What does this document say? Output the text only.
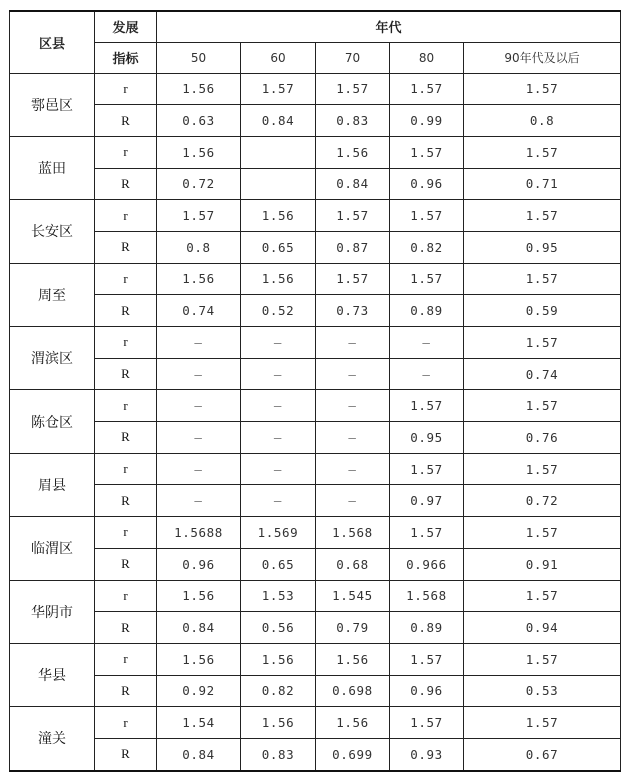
区县	发展	年代				
	指标	50	60	70	80	90年代及以后
鄠邑区	r	1.56	1.57	1.57	1.57	1.57
	R	0.63	0.84	0.83	0.99	0.8
蓝田	r	1.56		1.56	1.57	1.57
	R	0.72		0.84	0.96	0.71
长安区	r	1.57	1.56	1.57	1.57	1.57
	R	0.8	0.65	0.87	0.82	0.95
周至	r	1.56	1.56	1.57	1.57	1.57
	R	0.74	0.52	0.73	0.89	0.59
渭滨区	r	—	—	—	—	1.57
	R	—	—	—	—	0.74
陈仓区	r	—	—	—	1.57	1.57
	R	—	—	—	0.95	0.76
眉县	r	—	—	—	1.57	1.57
	R	—	—	—	0.97	0.72
临渭区	r	1.5688	1.569	1.568	1.57	1.57
	R	0.96	0.65	0.68	0.966	0.91
华阴市	r	1.56	1.53	1.545	1.568	1.57
	R	0.84	0.56	0.79	0.89	0.94
华县	r	1.56	1.56	1.56	1.57	1.57
	R	0.92	0.82	0.698	0.96	0.53
潼关	r	1.54	1.56	1.56	1.57	1.57
	R	0.84	0.83	0.699	0.93	0.67
